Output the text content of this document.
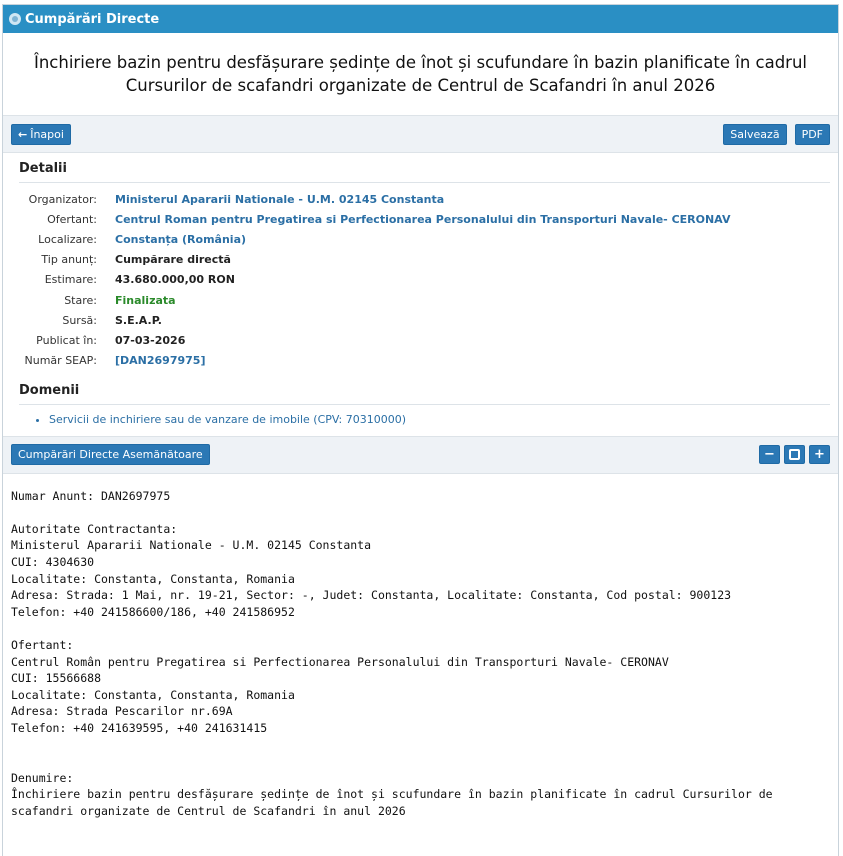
Cumpărări Directe
Închiriere bazin pentru desfășurare ședințe de înot și scufundare în bazin planificate în cadrul Cursurilor de scafandri organizate de Centrul de Scafandri în anul 2026
← Înapoi	Salvează	PDF
Detalii
Organizator:	Ministerul Apararii Nationale - U.M. 02145 Constanta
Ofertant:	Centrul Roman pentru Pregatirea si Perfectionarea Personalului din Transporturi Navale- CERONAV
Localizare:	Constanța (România)
Tip anunț:	Cumpărare directă
Estimare:	43.680.000,00 RON
Stare:	Finalizata
Sursă:	S.E.A.P.
Publicat în:	07-03-2026
Număr SEAP:	[DAN2697975]
Domenii
• Servicii de inchiriere sau de vanzare de imobile (CPV: 70310000)
Cumpărări Directe Asemănătoare	−	+
Numar Anunt: DAN2697975
Autoritate Contractanta:
Ministerul Apararii Nationale - U.M. 02145 Constanta
CUI: 4304630
Localitate: Constanta, Constanta, Romania
Adresa: Strada: 1 Mai, nr. 19-21, Sector: -, Judet: Constanta, Localitate: Constanta, Cod postal: 900123
Telefon: +40 241586600/186, +40 241586952
Ofertant:
Centrul Român pentru Pregatirea si Perfectionarea Personalului din Transporturi Navale- CERONAV
CUI: 15566688
Localitate: Constanta, Constanta, Romania
Adresa: Strada Pescarilor nr.69A
Telefon: +40 241639595, +40 241631415
Denumire:
Închiriere bazin pentru desfășurare ședințe de înot și scufundare în bazin planificate în cadrul Cursurilor de scafandri organizate de Centrul de Scafandri în anul 2026
